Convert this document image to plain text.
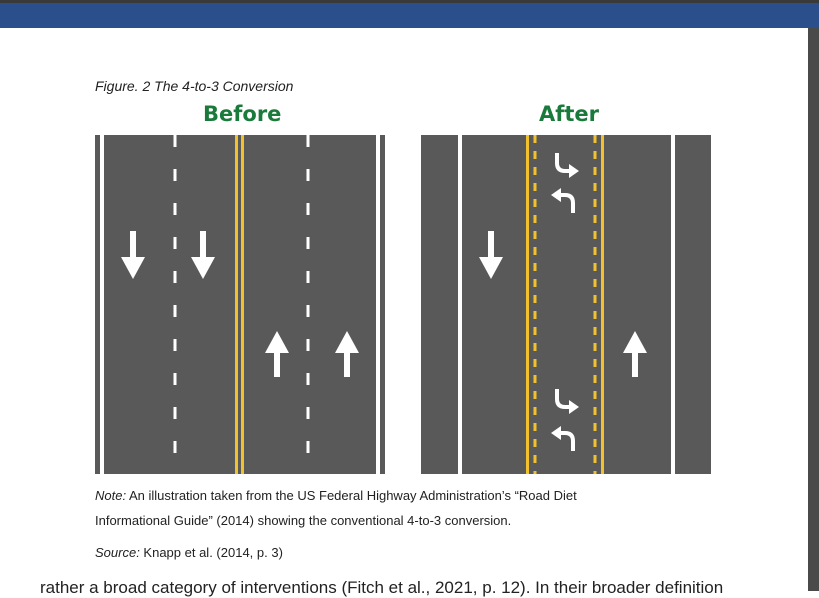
Figure. 2 The 4-to-3 Conversion
Before	After
Note: An illustration taken from the US Federal Highway Administration’s “Road Diet
Informational Guide” (2014) showing the conventional 4-to-3 conversion.
Source: Knapp et al. (2014, p. 3)
rather a broad category of interventions (Fitch et al., 2021, p. 12). In their broader definition
